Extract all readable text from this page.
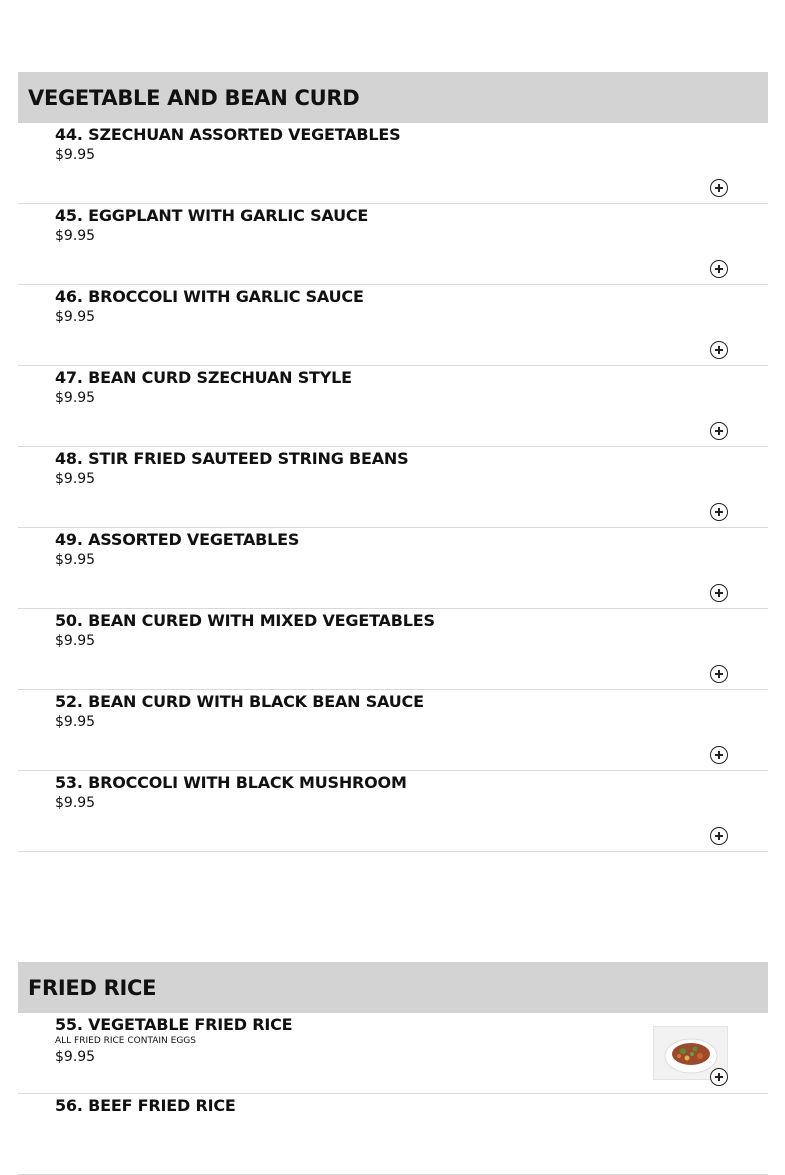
VEGETABLE AND BEAN CURD
44. SZECHUAN ASSORTED VEGETABLES
$9.95
45. EGGPLANT WITH GARLIC SAUCE
$9.95
46. BROCCOLI WITH GARLIC SAUCE
$9.95
47. BEAN CURD SZECHUAN STYLE
$9.95
48. STIR FRIED SAUTEED STRING BEANS
$9.95
49. ASSORTED VEGETABLES
$9.95
50. BEAN CURED WITH MIXED VEGETABLES
$9.95
52. BEAN CURD WITH BLACK BEAN SAUCE
$9.95
53. BROCCOLI WITH BLACK MUSHROOM
$9.95
FRIED RICE
55. VEGETABLE FRIED RICE
ALL FRIED RICE CONTAIN EGGS
$9.95
56. BEEF FRIED RICE
